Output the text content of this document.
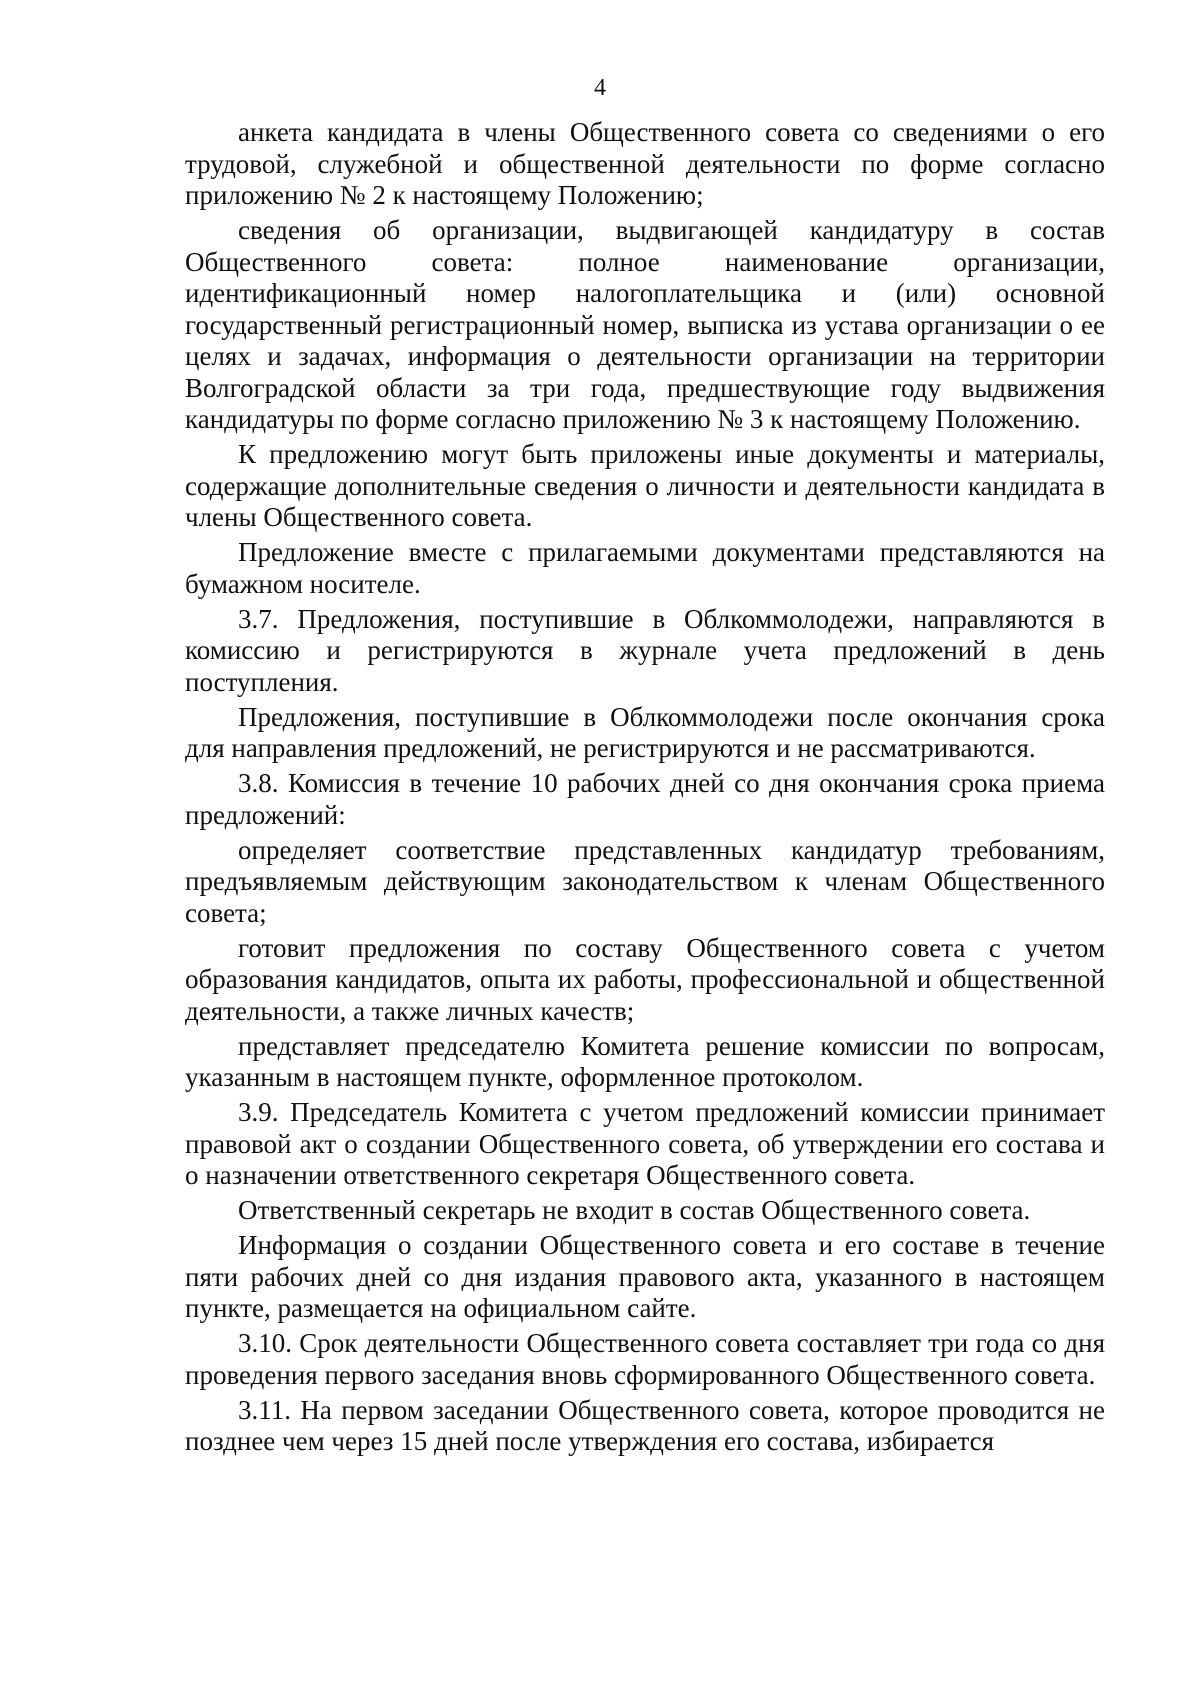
4

анкета кандидата в члены Общественного совета со сведениями о его трудовой, служебной и общественной деятельности по форме согласно приложению № 2 к настоящему Положению;

сведения об организации, выдвигающей кандидатуру в состав Общественного совета: полное наименование организации, идентификационный номер налогоплательщика и (или) основной государственный регистрационный номер, выписка из устава организации о ее целях и задачах, информация о деятельности организации на территории Волгоградской области за три года, предшествующие году выдвижения кандидатуры по форме согласно приложению № 3 к настоящему Положению.

К предложению могут быть приложены иные документы и материалы, содержащие дополнительные сведения о личности и деятельности кандидата в члены Общественного совета.

Предложение вместе с прилагаемыми документами представляются на бумажном носителе.

3.7. Предложения, поступившие в Облкоммолодежи, направляются в комиссию и регистрируются в журнале учета предложений в день поступления.

Предложения, поступившие в Облкоммолодежи после окончания срока для направления предложений, не регистрируются и не рассматриваются.

3.8. Комиссия в течение 10 рабочих дней со дня окончания срока приема предложений:

определяет соответствие представленных кандидатур требованиям, предъявляемым действующим законодательством к членам Общественного совета;

готовит предложения по составу Общественного совета с учетом образования кандидатов, опыта их работы, профессиональной и общественной деятельности, а также личных качеств;

представляет председателю Комитета решение комиссии по вопросам, указанным в настоящем пункте, оформленное протоколом.

3.9. Председатель Комитета с учетом предложений комиссии принимает правовой акт о создании Общественного совета, об утверждении его состава и о назначении ответственного секретаря Общественного совета.

Ответственный секретарь не входит в состав Общественного совета.

Информация о создании Общественного совета и его составе в течение пяти рабочих дней со дня издания правового акта, указанного в настоящем пункте, размещается на официальном сайте.

3.10. Срок деятельности Общественного совета составляет три года со дня проведения первого заседания вновь сформированного Общественного совета.

3.11. На первом заседании Общественного совета, которое проводится не позднее чем через 15 дней после утверждения его состава, избирается
